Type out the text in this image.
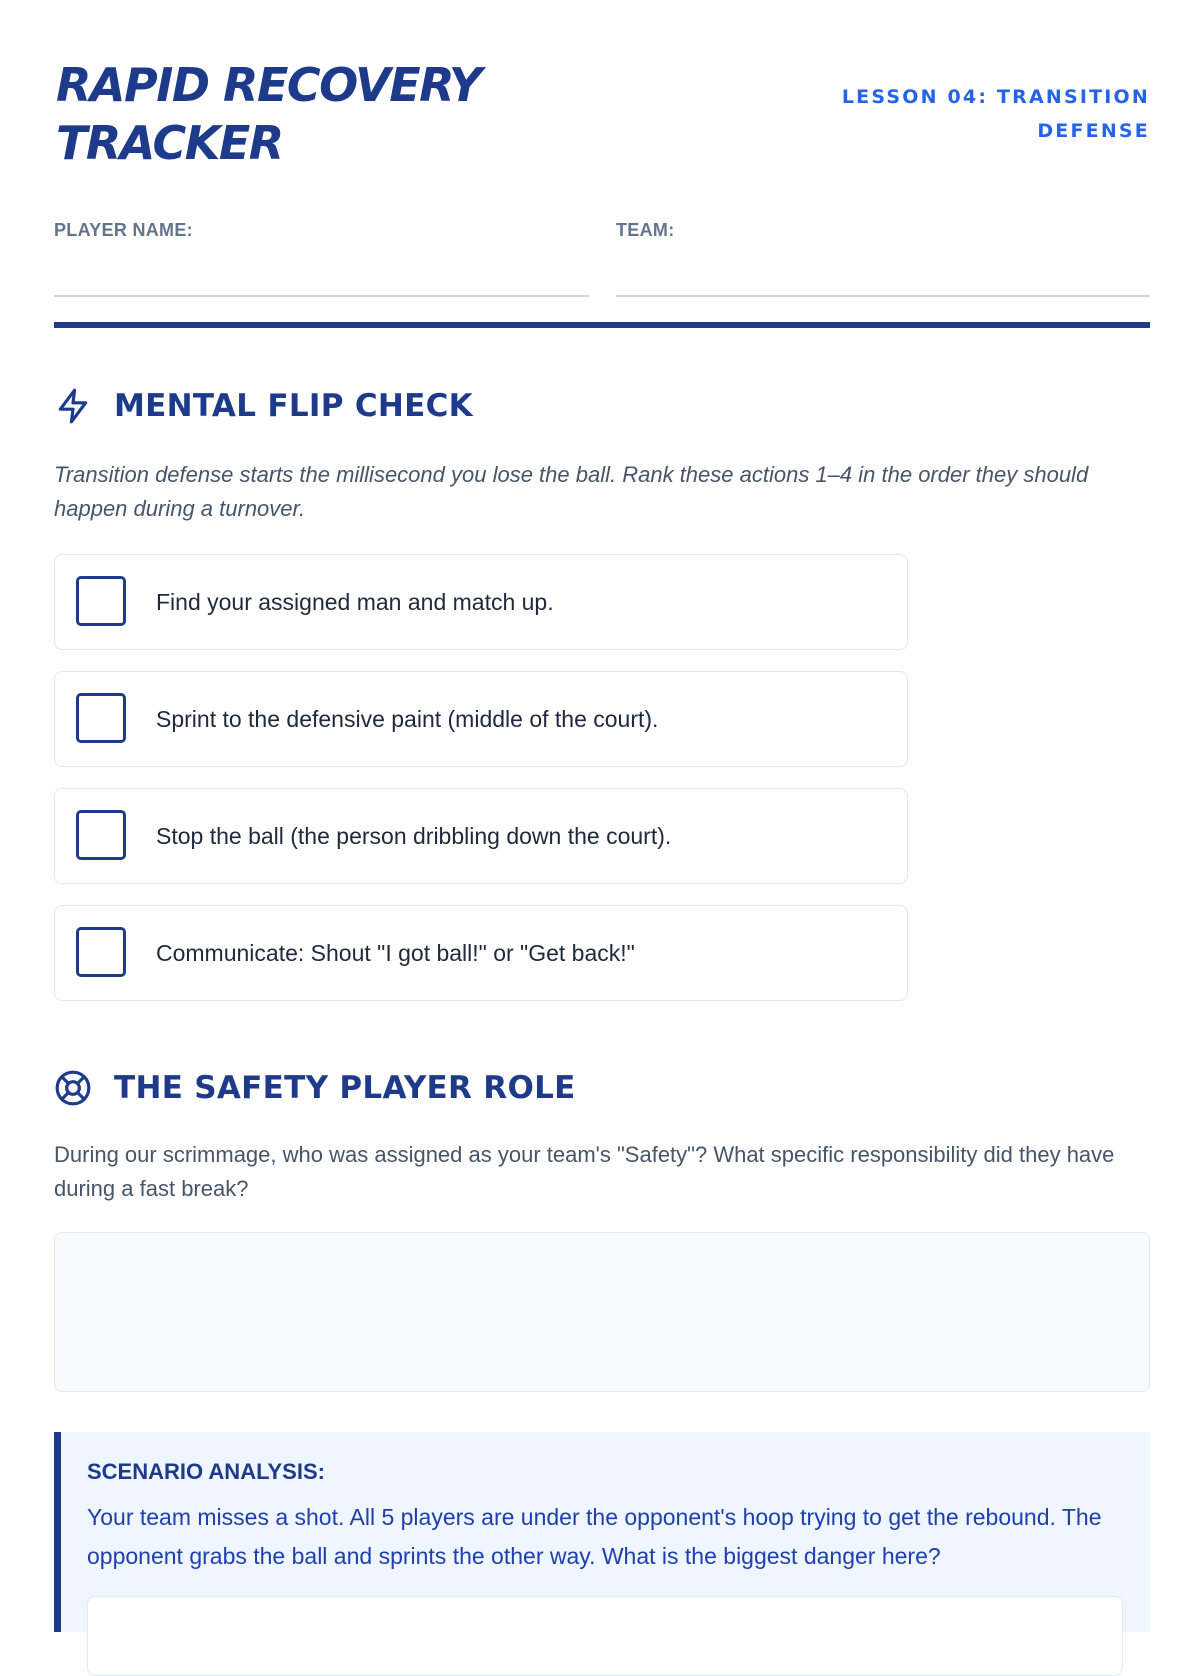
RAPID RECOVERY
TRACKER
LESSON 04: TRANSITION
DEFENSE
PLAYER NAME:	TEAM:
MENTAL FLIP CHECK
Transition defense starts the millisecond you lose the ball. Rank these actions 1–4 in the order they should happen during a turnover.
Find your assigned man and match up.
Sprint to the defensive paint (middle of the court).
Stop the ball (the person dribbling down the court).
Communicate: Shout "I got ball!" or "Get back!"
THE SAFETY PLAYER ROLE
During our scrimmage, who was assigned as your team's "Safety"? What specific responsibility did they have during a fast break?
SCENARIO ANALYSIS:
Your team misses a shot. All 5 players are under the opponent's hoop trying to get the rebound. The opponent grabs the ball and sprints the other way. What is the biggest danger here?
